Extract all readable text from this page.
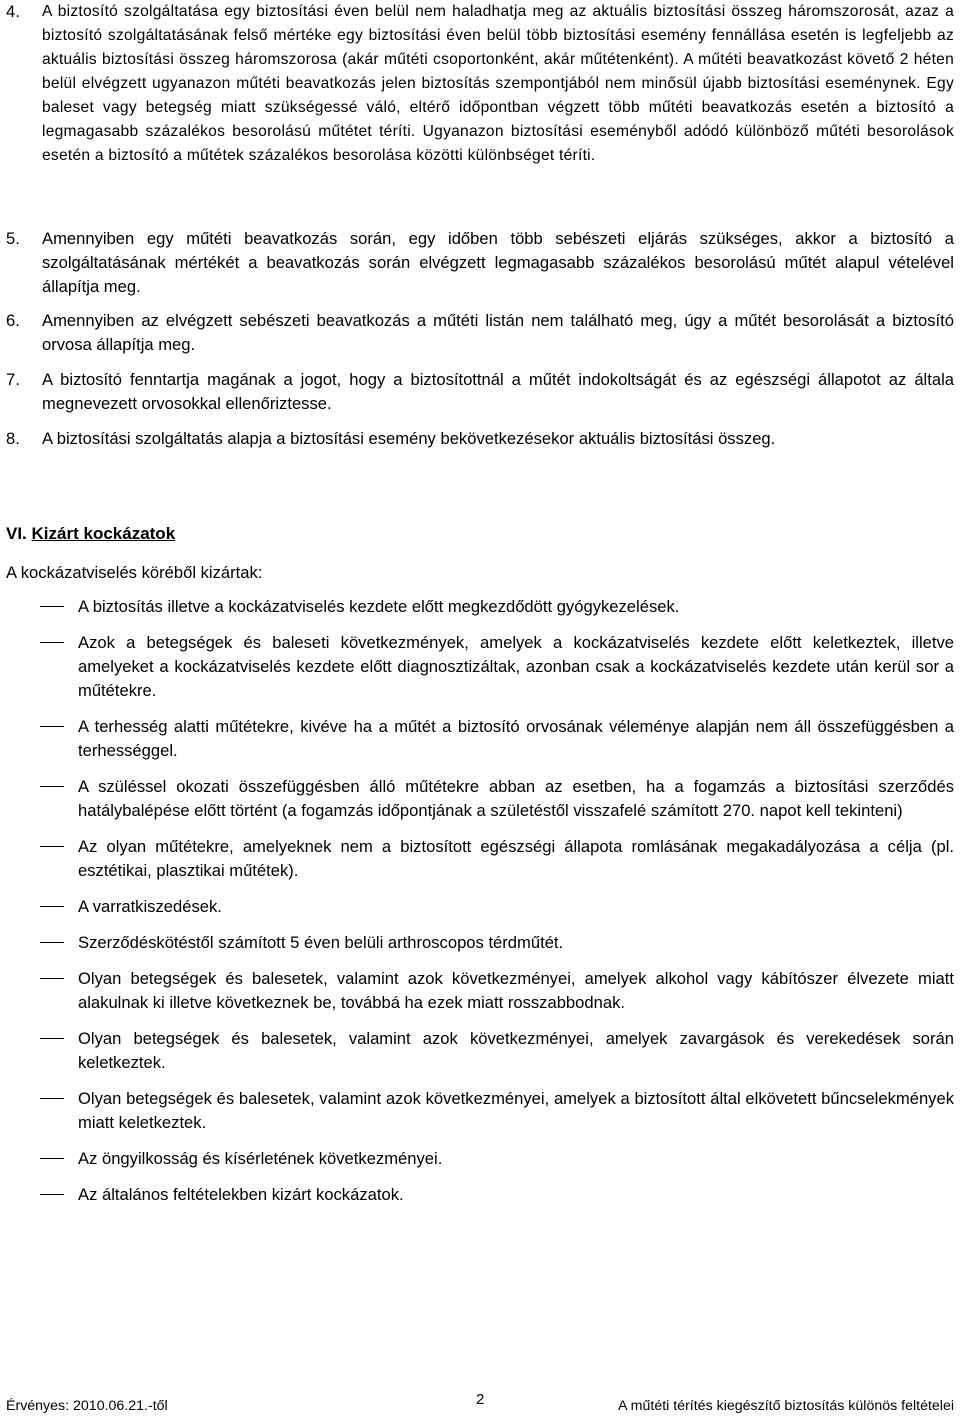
4. A biztosító szolgáltatása egy biztosítási éven belül nem haladhatja meg az aktuális biztosítási összeg háromszorosát, azaz a biztosító szolgáltatásának felső mértéke egy biztosítási éven belül több biztosítási esemény fennállása esetén is legfeljebb az aktuális biztosítási összeg háromszorosa (akár műtéti csoportonként, akár műtétenként). A műtéti beavatkozást követő 2 héten belül elvégzett ugyanazon műtéti beavatkozás jelen biztosítás szempontjából nem minősül újabb biztosítási eseménynek. Egy baleset vagy betegség miatt szükségessé váló, eltérő időpontban végzett több műtéti beavatkozás esetén a biztosító a legmagasabb százalékos besorolású műtétet téríti. Ugyanazon biztosítási eseményből adódó különböző műtéti besorolások esetén a biztosító a műtétek százalékos besorolása közötti különbséget téríti.
5. Amennyiben egy műtéti beavatkozás során, egy időben több sebészeti eljárás szükséges, akkor a biztosító a szolgáltatásának mértékét a beavatkozás során elvégzett legmagasabb százalékos besorolású műtét alapul vételével állapítja meg.
6. Amennyiben az elvégzett sebészeti beavatkozás a műtéti listán nem található meg, úgy a műtét besorolását a biztosító orvosa állapítja meg.
7. A biztosító fenntartja magának a jogot, hogy a biztosítottnál a műtét indokoltságát és az egészségi állapotot az általa megnevezett orvosokkal ellenőriztesse.
8. A biztosítási szolgáltatás alapja a biztosítási esemény bekövetkezésekor aktuális biztosítási összeg.
VI. Kizárt kockázatok
A kockázatviselés köréből kizártak:
A biztosítás illetve a kockázatviselés kezdete előtt megkezdődött gyógykezelések.
Azok a betegségek és baleseti következmények, amelyek a kockázatviselés kezdete előtt keletkeztek, illetve amelyeket a kockázatviselés kezdete előtt diagnosztizáltak, azonban csak a kockázatviselés kezdete után kerül sor a műtétekre.
A terhesség alatti műtétekre, kivéve ha a műtét a biztosító orvosának véleménye alapján nem áll összefüggésben a terhességgel.
A szüléssel okozati összefüggésben álló műtétekre abban az esetben, ha a fogamzás a biztosítási szerződés hatálybalépése előtt történt (a fogamzás időpontjának a születéstől visszafelé számított 270. napot kell tekinteni)
Az olyan műtétekre, amelyeknek nem a biztosított egészségi állapota romlásának megakadályozása a célja (pl. esztétikai, plasztikai műtétek).
A varratkiszedések.
Szerződéskötéstől számított 5 éven belüli arthroscopos térdműtét.
Olyan betegségek és balesetek, valamint azok következményei, amelyek alkohol vagy kábítószer élvezete miatt alakulnak ki illetve következnek be, továbbá ha ezek miatt rosszabbodnak.
Olyan betegségek és balesetek, valamint azok következményei, amelyek zavargások és verekedések során keletkeztek.
Olyan betegségek és balesetek, valamint azok következményei, amelyek a biztosított által elkövetett bűncselekmények miatt keletkeztek.
Az öngyilkosság és kísérletének következményei.
Az általános feltételekben kizárt kockázatok.
Érvényes: 2010.06.21.-től	2	A műtéti térítés kiegészítő biztosítás különös feltételei
